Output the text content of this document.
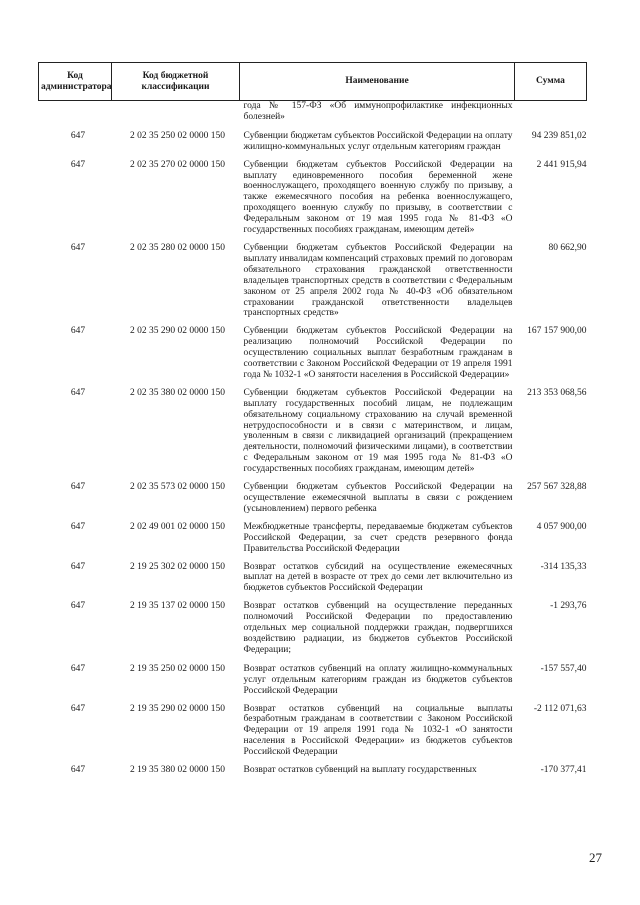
Код администратора	Код бюджетной классификации	Наименование	Сумма
		года № 157-ФЗ «Об иммунопрофилактике инфекционных болезней»	
647	2 02 35 250 02 0000 150	Субвенции бюджетам субъектов Российской Федерации на оплату жилищно-коммунальных услуг отдельным категориям граждан	94 239 851,02
647	2 02 35 270 02 0000 150	Субвенции бюджетам субъектов Российской Федерации на выплату единовременного пособия беременной жене военнослужащего, проходящего военную службу по призыву, а также ежемесячного пособия на ребенка военнослужащего, проходящего военную службу по призыву, в соответствии с Федеральным законом от 19 мая 1995 года № 81-ФЗ «О государственных пособиях гражданам, имеющим детей»	2 441 915,94
647	2 02 35 280 02 0000 150	Субвенции бюджетам субъектов Российской Федерации на выплату инвалидам компенсаций страховых премий по договорам обязательного страхования гражданской ответственности владельцев транспортных средств в соответствии с Федеральным законом от 25 апреля 2002 года № 40-ФЗ «Об обязательном страховании гражданской ответственности владельцев транспортных средств»	80 662,90
647	2 02 35 290 02 0000 150	Субвенции бюджетам субъектов Российской Федерации на реализацию полномочий Российской Федерации по осуществлению социальных выплат безработным гражданам в соответствии с Законом Российской Федерации от 19 апреля 1991 года № 1032-1 «О занятости населения в Российской Федерации»	167 157 900,00
647	2 02 35 380 02 0000 150	Субвенции бюджетам субъектов Российской Федерации на выплату государственных пособий лицам, не подлежащим обязательному социальному страхованию на случай временной нетрудоспособности и в связи с материнством, и лицам, уволенным в связи с ликвидацией организаций (прекращением деятельности, полномочий физическими лицами), в соответствии с Федеральным законом от 19 мая 1995 года № 81-ФЗ «О государственных пособиях гражданам, имеющим детей»	213 353 068,56
647	2 02 35 573 02 0000 150	Субвенции бюджетам субъектов Российской Федерации на осуществление ежемесячной выплаты в связи с рождением (усыновлением) первого ребенка	257 567 328,88
647	2 02 49 001 02 0000 150	Межбюджетные трансферты, передаваемые бюджетам субъектов Российской Федерации, за счет средств резервного фонда Правительства Российской Федерации	4 057 900,00
647	2 19 25 302 02 0000 150	Возврат остатков субсидий на осуществление ежемесячных выплат на детей в возрасте от трех до семи лет включительно из бюджетов субъектов Российской Федерации	-314 135,33
647	2 19 35 137 02 0000 150	Возврат остатков субвенций на осуществление переданных полномочий Российской Федерации по предоставлению отдельных мер социальной поддержки граждан, подвергшихся воздействию радиации, из бюджетов субъектов Российской Федерации;	-1 293,76
647	2 19 35 250 02 0000 150	Возврат остатков субвенций на оплату жилищно-коммунальных услуг отдельным категориям граждан из бюджетов субъектов Российской Федерации	-157 557,40
647	2 19 35 290 02 0000 150	Возврат остатков субвенций на социальные выплаты безработным гражданам в соответствии с Законом Российской Федерации от 19 апреля 1991 года № 1032-1 «О занятости населения в Российской Федерации» из бюджетов субъектов Российской Федерации	-2 112 071,63
647	2 19 35 380 02 0000 150	Возврат остатков субвенций на выплату государственных	-170 377,41
27
